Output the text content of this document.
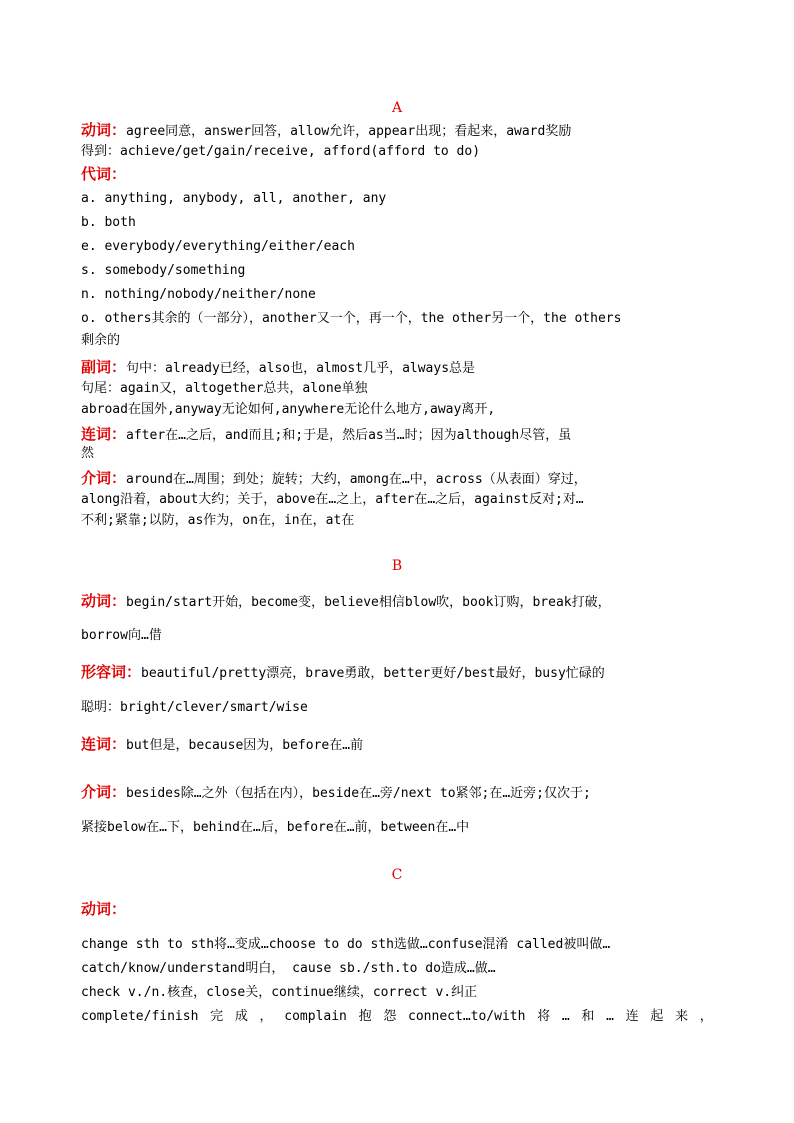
A
动词：agree同意，answer回答，allow允许，appear出现；看起来，award奖励
得到：achieve/get/gain/receive, afford(afford to do)
代词：
a. anything, anybody, all, another, any
b. both
e. everybody/everything/either/each
s. somebody/something
n. nothing/nobody/neither/none
o. others其余的（一部分），another又一个，再一个，the other另一个，the others
剩余的
副词：句中：already已经，also也，almost几乎，always总是
句尾：again又，altogether总共，alone单独
abroad在国外,anyway无论如何,anywhere无论什么地方,away离开,
连词：after在…之后，and而且;和;于是，然后as当…时；因为although尽管，虽
然
介词：around在…周围；到处；旋转；大约，among在…中，across（从表面）穿过，
along沿着，about大约；关于，above在…之上，after在…之后，against反对;对…
不利;紧靠;以防，as作为，on在，in在，at在
B
动词：begin/start开始，become变，believe相信blow吹，book订购，break打破，
borrow向…借
形容词：beautiful/pretty漂亮，brave勇敢，better更好/best最好，busy忙碌的
聪明：bright/clever/smart/wise
连词：but但是，because因为，before在…前
介词：besides除…之外（包括在内），beside在…旁/next to紧邻;在…近旁;仅次于;
紧接below在…下，behind在…后，before在…前，between在…中
C
动词：
change sth to sth将…变成…choose to do sth选做…confuse混淆 called被叫做…
catch/know/understand明白， cause sb./sth.to do造成…做…
check v./n.核查，close关，continue继续，correct v.纠正
complete/finish 完 成 ， complain 抱 怨 connect…to/with 将 … 和 … 连 起 来 ，
